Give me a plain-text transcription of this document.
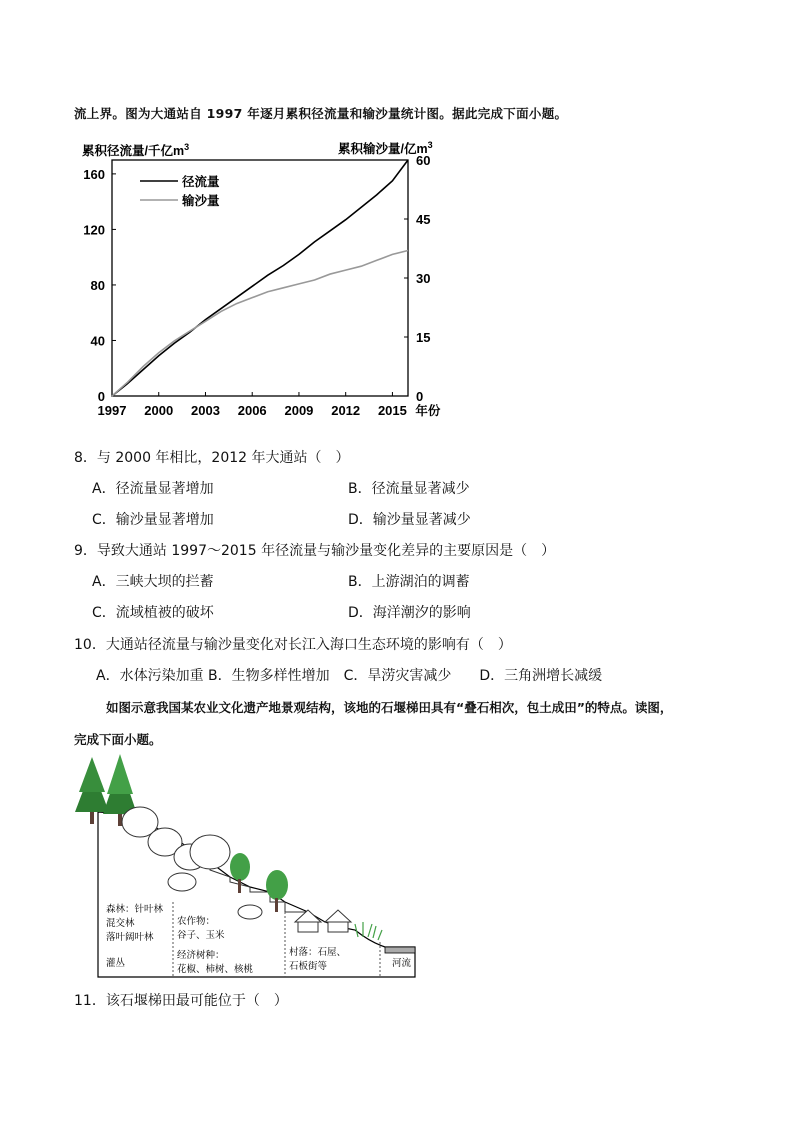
流上界。图为大通站自 1997 年逐月累积径流量和输沙量统计图。据此完成下面小题。
累积径流量/千亿$m^3$	累积输沙量/亿$m^3$
0
40
80
120
160
0
15
30
45
60
1997 2000 2003 2006 2009 2012 2015 年份
径流量
输沙量
8．与 2000 年相比，2012 年大通站（　）
A．径流量显著增加	B．径流量显著减少
C．输沙量显著增加	D．输沙量显著减少
9．导致大通站 1997～2015 年径流量与输沙量变化差异的主要原因是（　）
A．三峡大坝的拦蓄	B．上游湖泊的调蓄
C．流域植被的破坏	D．海洋潮汐的影响
10．大通站径流量与输沙量变化对长江入海口生态环境的影响有（　）
A．水体污染加重 B．生物多样性增加　C．旱涝灾害减少　　D．三角洲增长减缓
如图示意我国某农业文化遗产地景观结构，该地的石堰梯田具有“叠石相次，包土成田”的特点。读图，
完成下面小题。
森林：针叶林 混交林 落叶阔叶林
灌丛
农作物： 谷子、玉米
经济树种： 花椒、柿树、核桃
村落：石屋、 石板街等	河流
11．该石堰梯田最可能位于（　）
